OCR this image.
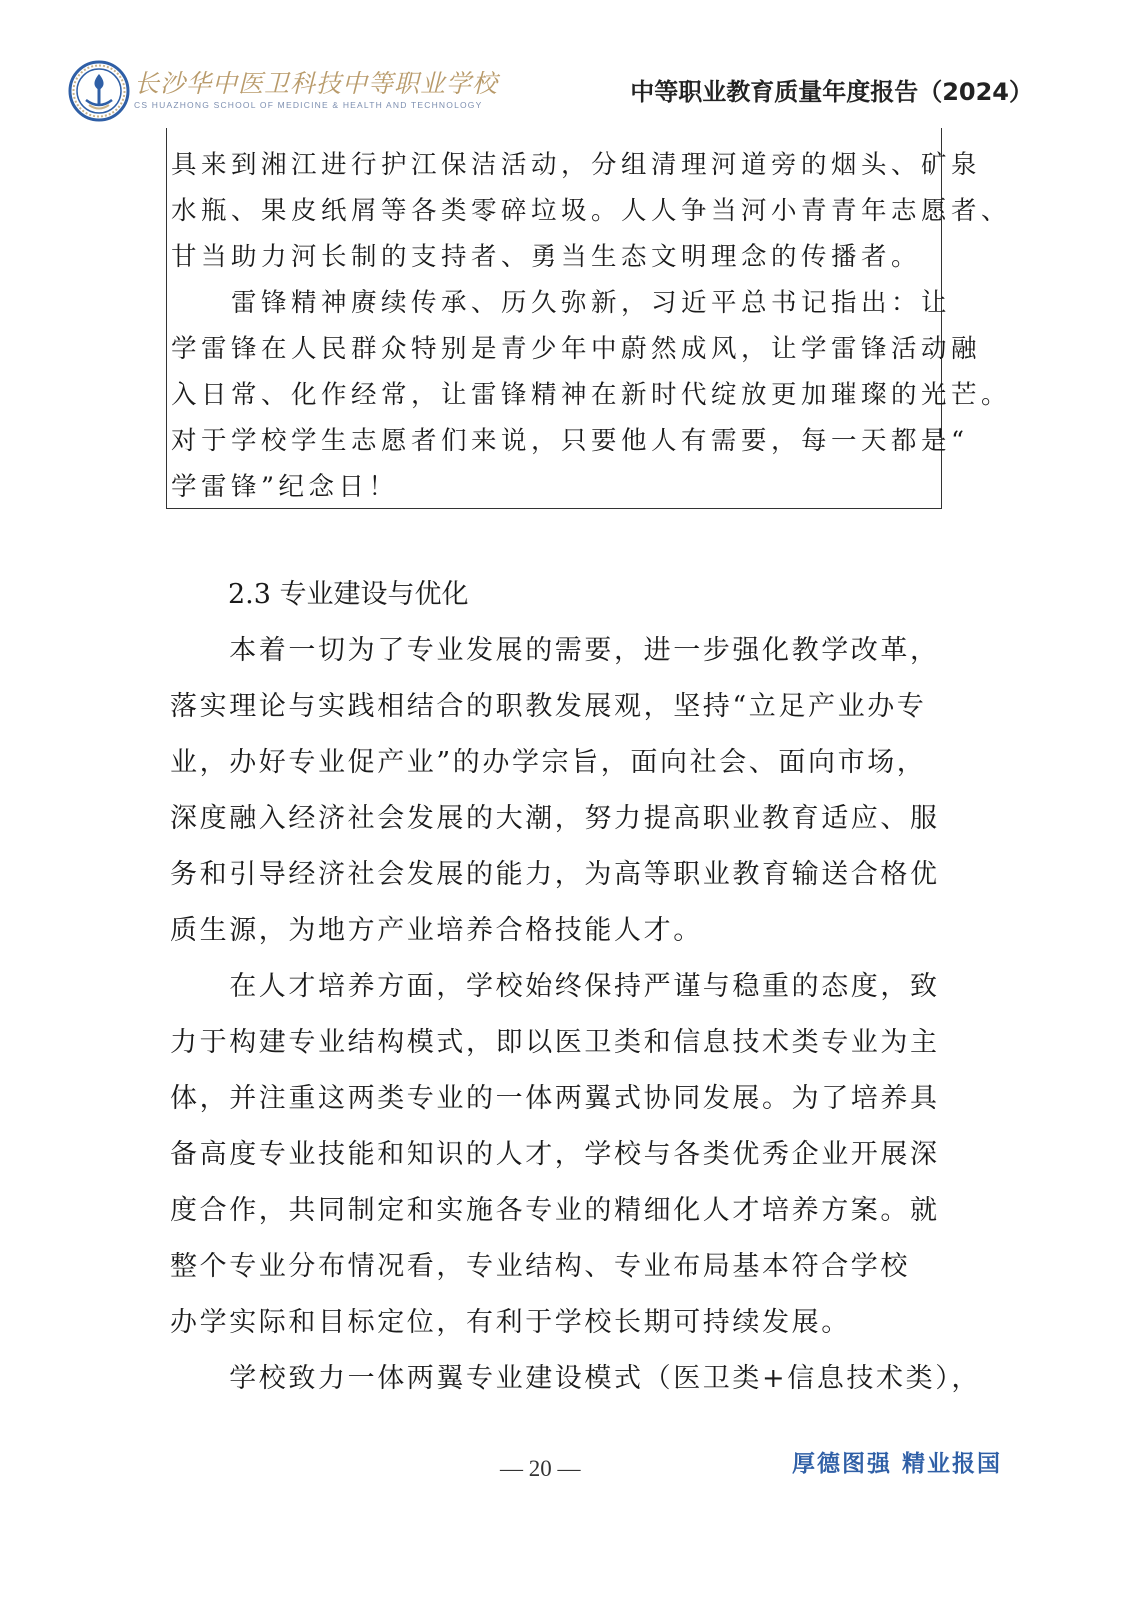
长沙华中医卫科技中等职业学校
CS HUAZHONG SCHOOL OF MEDICINE & HEALTH AND TECHNOLOGY	中等职业教育质量年度报告（2024）

具来到湘江进行护江保洁活动，分组清理河道旁的烟头、矿泉

水瓶、果皮纸屑等各类零碎垃圾。人人争当河小青青年志愿者、

甘当助力河长制的支持者、勇当生态文明理念的传播者。

　　雷锋精神赓续传承、历久弥新，习近平总书记指出：让

学雷锋在人民群众特别是青少年中蔚然成风，让学雷锋活动融

入日常、化作经常，让雷锋精神在新时代绽放更加璀璨的光芒。

对于学校学生志愿者们来说，只要他人有需要，每一天都是“

学雷锋”纪念日！

2.3 专业建设与优化
　　本着一切为了专业发展的需要，进一步强化教学改革，
落实理论与实践相结合的职教发展观，坚持“立足产业办专
业，办好专业促产业”的办学宗旨，面向社会、面向市场，
深度融入经济社会发展的大潮，努力提高职业教育适应、服
务和引导经济社会发展的能力，为高等职业教育输送合格优
质生源，为地方产业培养合格技能人才。
　　在人才培养方面，学校始终保持严谨与稳重的态度，致
力于构建专业结构模式，即以医卫类和信息技术类专业为主
体，并注重这两类专业的一体两翼式协同发展。为了培养具
备高度专业技能和知识的人才，学校与各类优秀企业开展深
度合作，共同制定和实施各专业的精细化人才培养方案。就
整个专业分布情况看，专业结构、专业布局基本符合学校
办学实际和目标定位，有利于学校长期可持续发展。
　　学校致力一体两翼专业建设模式（医卫类+信息技术类），
— 20 —	厚德图强 精业报国
